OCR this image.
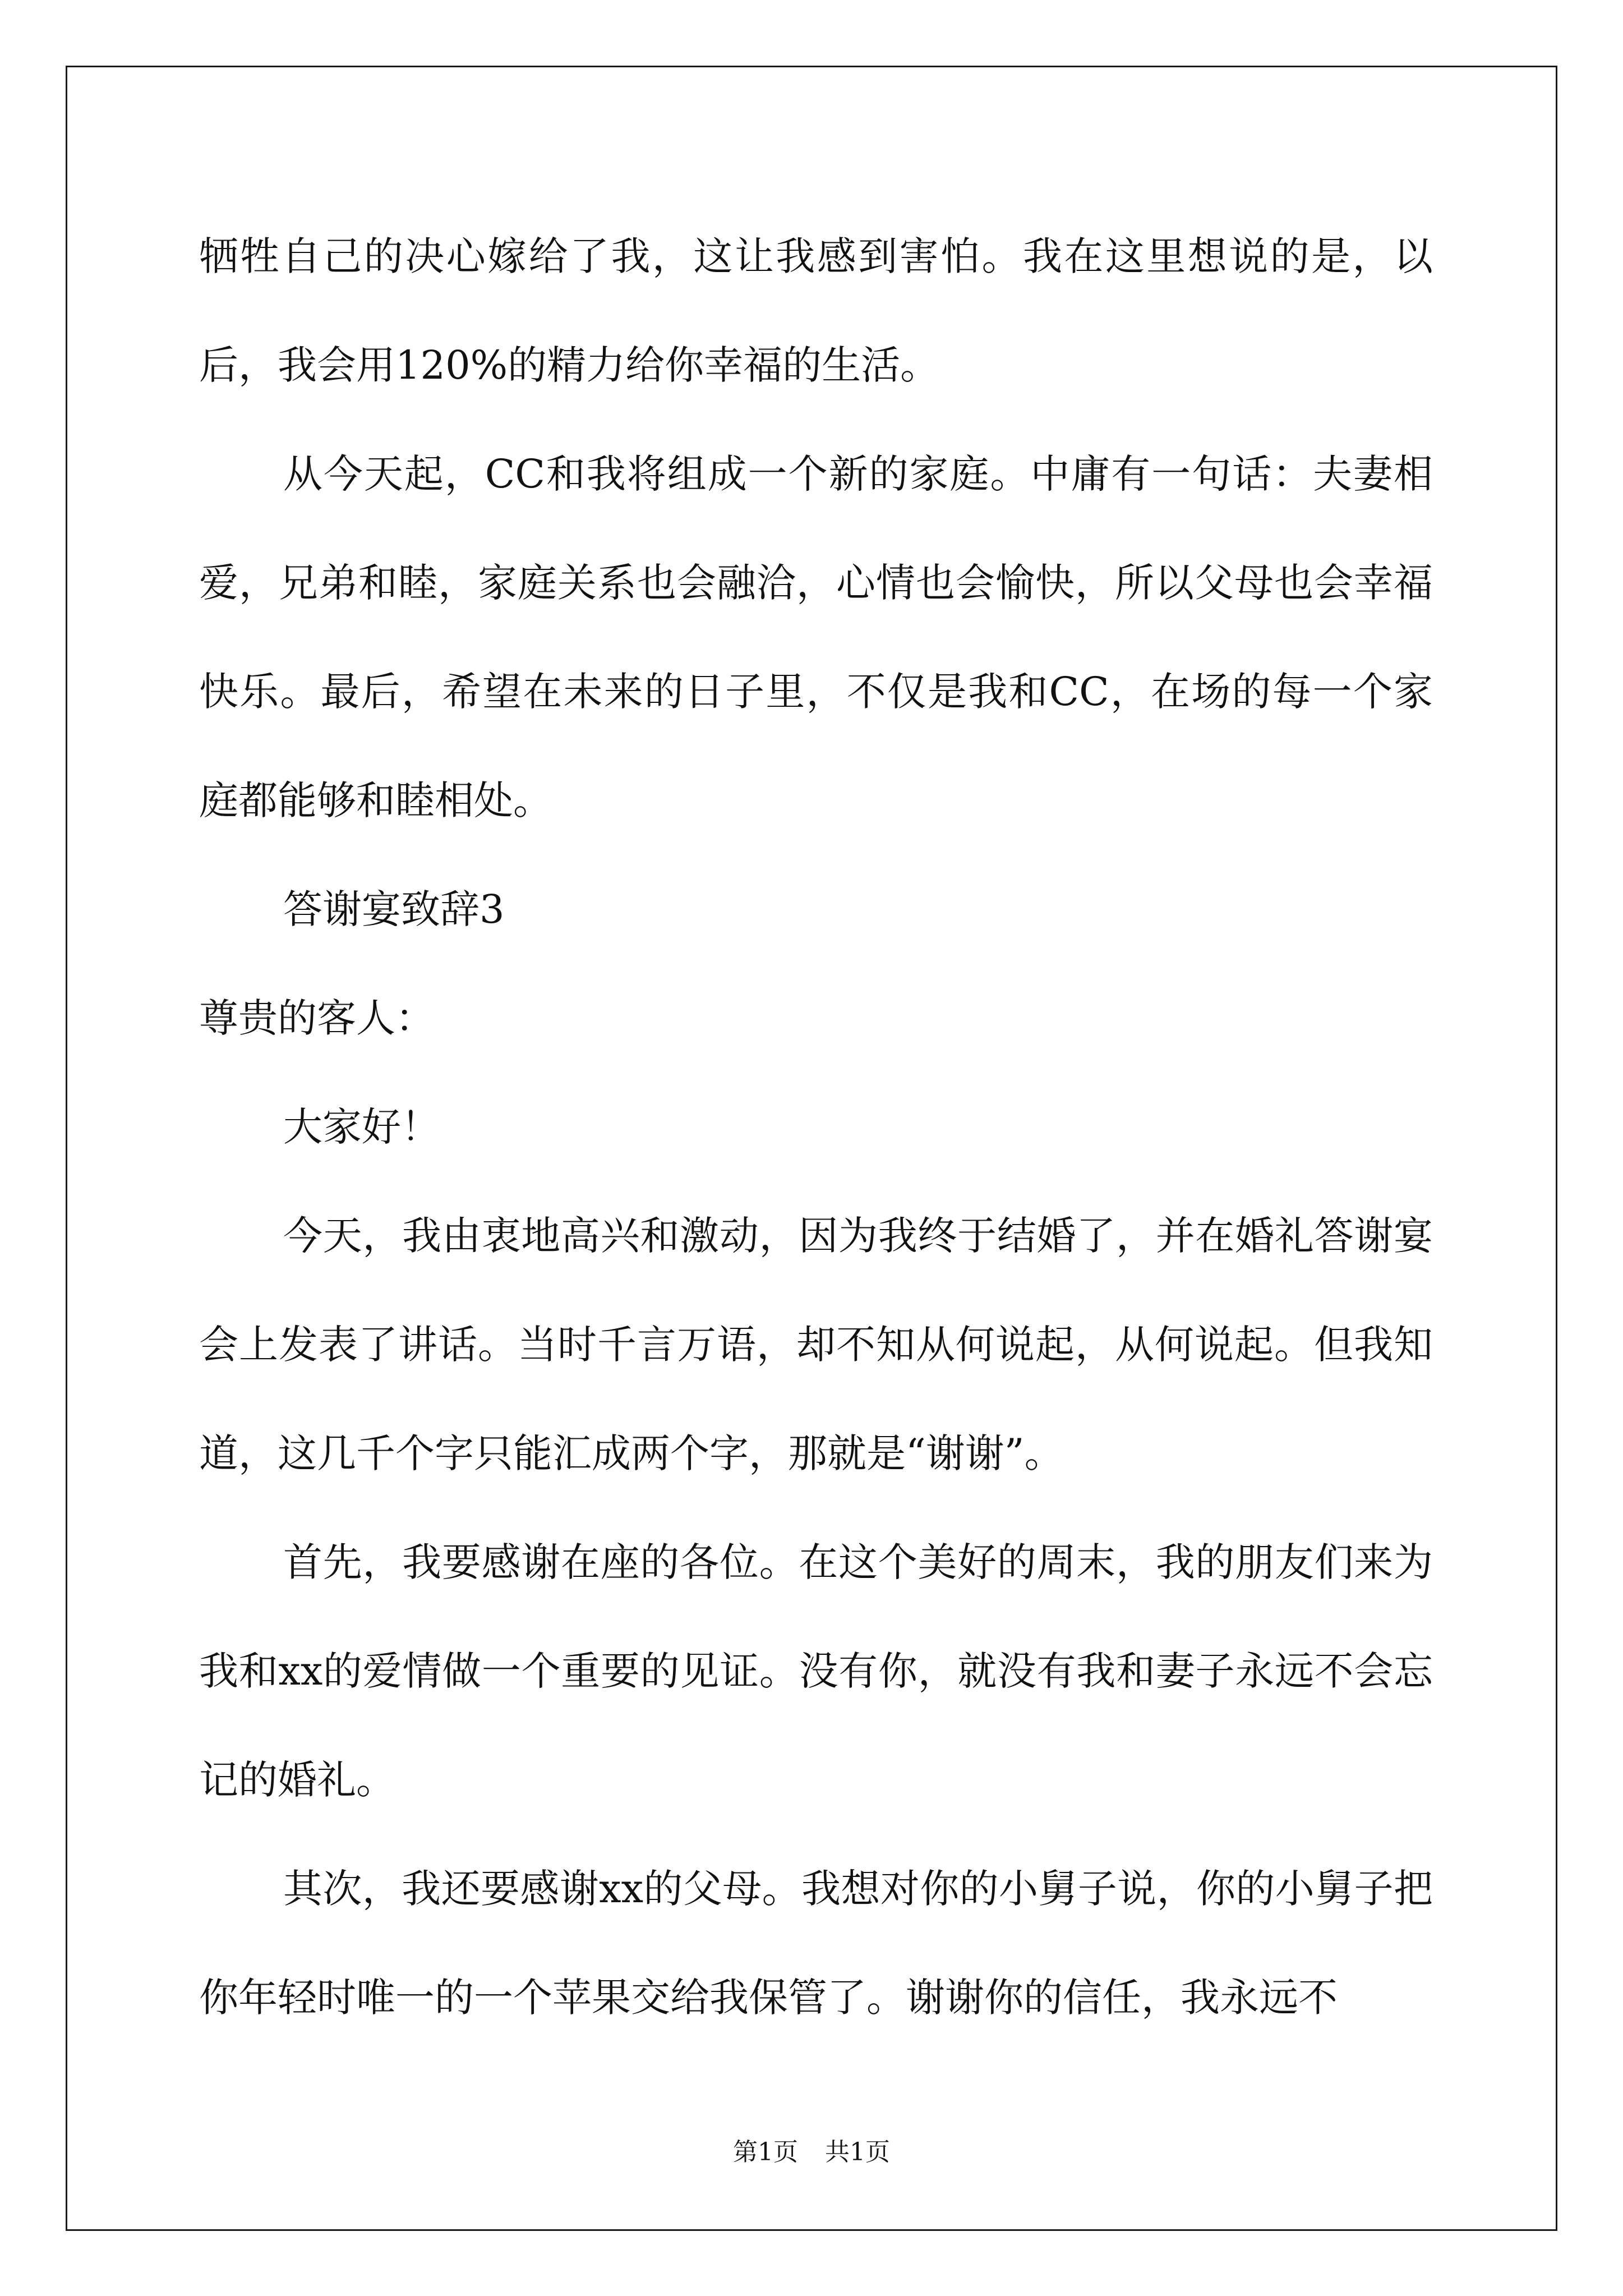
牺牲自己的决心嫁给了我，这让我感到害怕。我在这里想说的是，以后，我会用120%的精力给你幸福的生活。

从今天起，CC和我将组成一个新的家庭。中庸有一句话：夫妻相爱，兄弟和睦，家庭关系也会融洽，心情也会愉快，所以父母也会幸福快乐。最后，希望在未来的日子里，不仅是我和CC，在场的每一个家庭都能够和睦相处。

答谢宴致辞3

尊贵的客人：

大家好！

今天，我由衷地高兴和激动，因为我终于结婚了，并在婚礼答谢宴会上发表了讲话。当时千言万语，却不知从何说起，从何说起。但我知道，这几千个字只能汇成两个字，那就是“谢谢”。

首先，我要感谢在座的各位。在这个美好的周末，我的朋友们来为我和xx的爱情做一个重要的见证。没有你，就没有我和妻子永远不会忘记的婚礼。

其次，我还要感谢xx的父母。我想对你的小舅子说，你的小舅子把你年轻时唯一的一个苹果交给我保管了。谢谢你的信任，我永远不

第1页 共1页
